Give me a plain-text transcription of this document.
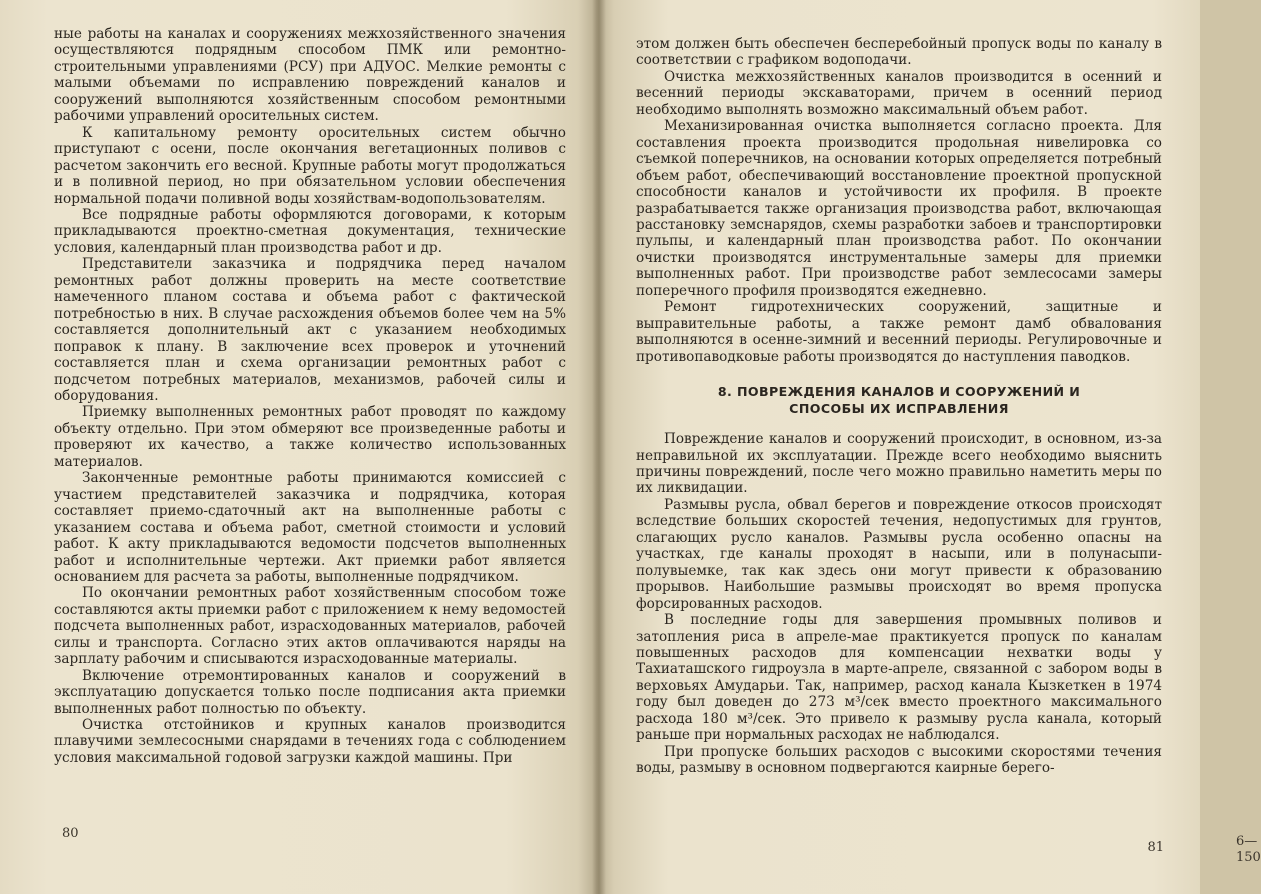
ные работы на каналах и сооружениях межхозяйственного значения осуществляются подрядным способом ПМК или ремонтно-строительными управлениями (РСУ) при АДУОС. Мелкие ремонты с малыми объемами по исправлению повреждений каналов и сооружений выполняются хозяйственным способом ремонтными рабочими управлений оросительных систем.

К капитальному ремонту оросительных систем обычно приступают с осени, после окончания вегетационных поливов с расчетом закончить его весной. Крупные работы могут продолжаться и в поливной период, но при обязательном условии обеспечения нормальной подачи поливной воды хозяйствам-водопользователям.

Все подрядные работы оформляются договорами, к которым прикладываются проектно-сметная документация, технические условия, календарный план производства работ и др.

Представители заказчика и подрядчика перед началом ремонтных работ должны проверить на месте соответствие намеченного планом состава и объема работ с фактической потребностью в них. В случае расхождения объемов более чем на 5% составляется дополнительный акт с указанием необходимых поправок к плану. В заключение всех проверок и уточнений составляется план и схема организации ремонтных работ с подсчетом потребных материалов, механизмов, рабочей силы и оборудования.

Приемку выполненных ремонтных работ проводят по каждому объекту отдельно. При этом обмеряют все произведенные работы и проверяют их качество, а также количество использованных материалов.

Законченные ремонтные работы принимаются комиссией с участием представителей заказчика и подрядчика, которая составляет приемо-сдаточный акт на выполненные работы с указанием состава и объема работ, сметной стоимости и условий работ. К акту прикладываются ведомости подсчетов выполненных работ и исполнительные чертежи. Акт приемки работ является основанием для расчета за работы, выполненные подрядчиком.

По окончании ремонтных работ хозяйственным способом тоже составляются акты приемки работ с приложением к нему ведомостей подсчета выполненных работ, израсходованных материалов, рабочей силы и транспорта. Согласно этих актов оплачиваются наряды на зарплату рабочим и списываются израсходованные материалы.

Включение отремонтированных каналов и сооружений в эксплуатацию допускается только после подписания акта приемки выполненных работ полностью по объекту.

Очистка отстойников и крупных каналов производится плавучими землесосными снарядами в течениях года с соблюдением условия максимальной годовой загрузки каждой машины. При

80

этом должен быть обеспечен бесперебойный пропуск воды по каналу в соответствии с графиком водоподачи.

Очистка межхозяйственных каналов производится в осенний и весенний периоды экскаваторами, причем в осенний период необходимо выполнять возможно максимальный объем работ.

Механизированная очистка выполняется согласно проекта. Для составления проекта производится продольная нивелировка со съемкой поперечников, на основании которых определяется потребный объем работ, обеспечивающий восстановление проектной пропускной способности каналов и устойчивости их профиля. В проекте разрабатывается также организация производства работ, включающая расстановку земснарядов, схемы разработки забоев и транспортировки пульпы, и календарный план производства работ. По окончании очистки производятся инструментальные замеры для приемки выполненных работ. При производстве работ землесосами замеры поперечного профиля производятся ежедневно.

Ремонт гидротехнических сооружений, защитные и выправительные работы, а также ремонт дамб обвалования выполняются в осенне-зимний и весенний периоды. Регулировочные и противопаводковые работы производятся до наступления паводков.

8. ПОВРЕЖДЕНИЯ КАНАЛОВ И СООРУЖЕНИЙ И
СПОСОБЫ ИХ ИСПРАВЛЕНИЯ

Повреждение каналов и сооружений происходит, в основном, из-за неправильной их эксплуатации. Прежде всего необходимо выяснить причины повреждений, после чего можно правильно наметить меры по их ликвидации.

Размывы русла, обвал берегов и повреждение откосов происходят вследствие больших скоростей течения, недопустимых для грунтов, слагающих русло каналов. Размывы русла особенно опасны на участках, где каналы проходят в насыпи, или в полунасыпи-полувыемке, так как здесь они могут привести к образованию прорывов. Наибольшие размывы происходят во время пропуска форсированных расходов.

В последние годы для завершения промывных поливов и затопления риса в апреле-мае практикуется пропуск по каналам повышенных расходов для компенсации нехватки воды у Тахиаташского гидроузла в марте-апреле, связанной с забором воды в верховьях Амударьи. Так, например, расход канала Кызкеткен в 1974 году был доведен до 273 м³/сек вместо проектного максимального расхода 180 м³/сек. Это привело к размыву русла канала, который раньше при нормальных расходах не наблюдался.

При пропуске больших расходов с высокими скоростями течения воды, размыву в основном подвергаются каирные берего-

6—150
81
